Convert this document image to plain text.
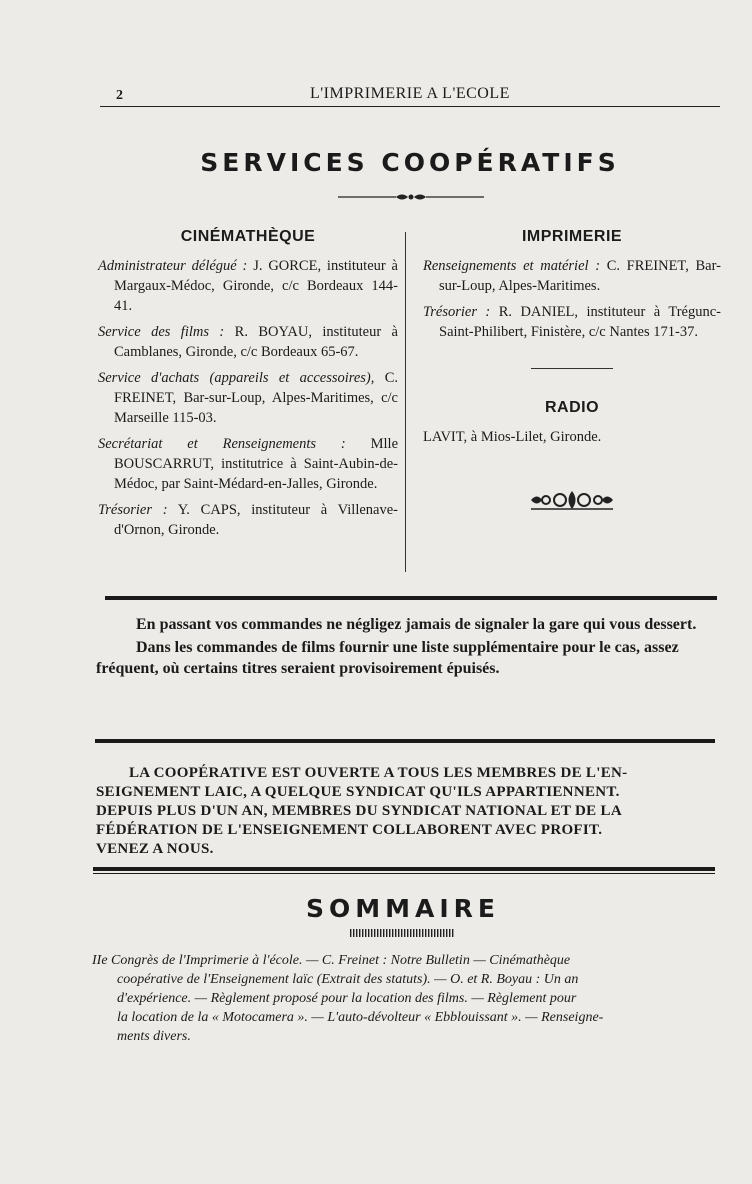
2	L'IMPRIMERIE A L'ECOLE
SERVICES COOPÉRATIFS
CINÉMATHÈQUE
Administrateur délégué : J. GORCE, instituteur à Margaux-Médoc, Gironde, c/c Bordeaux 144-41.
Service des films : R. BOYAU, instituteur à Camblanes, Gironde, c/c Bordeaux 65-67.
Service d'achats (appareils et accessoires), C. FREINET, Bar-sur-Loup, Alpes-Maritimes, c/c Marseille 115-03.
Secrétariat et Renseignements : Mlle BOUSCARRUT, institutrice à Saint-Aubin-de-Médoc, par Saint-Médard-en-Jalles, Gironde.
Trésorier : Y. CAPS, instituteur à Villenave-d'Ornon, Gironde.
IMPRIMERIE
Renseignements et matériel : C. FREINET, Bar-sur-Loup, Alpes-Maritimes.
Trésorier : R. DANIEL, instituteur à Trégunc-Saint-Philibert, Finistère, c/c Nantes 171-37.
RADIO
LAVIT, à Mios-Lilet, Gironde.

En passant vos commandes ne négligez jamais de signaler la gare qui vous dessert.

Dans les commandes de films fournir une liste supplémentaire pour le cas, assez fréquent, où certains titres seraient provisoirement épuisés.

LA COOPÉRATIVE EST OUVERTE A TOUS LES MEMBRES DE L'EN-
SEIGNEMENT LAIC, A QUELQUE SYNDICAT QU'ILS APPARTIENNENT.
DEPUIS PLUS D'UN AN, MEMBRES DU SYNDICAT NATIONAL ET DE LA
FÉDÉRATION DE L'ENSEIGNEMENT COLLABORENT AVEC PROFIT.
VENEZ A NOUS.
SOMMAIRE
IIe Congrès de l'Imprimerie à l'école. — C. Freinet : Notre Bulletin — Cinémathèque
coopérative de l'Enseignement laïc (Extrait des statuts). — O. et R. Boyau : Un an
d'expérience. — Règlement proposé pour la location des films. — Règlement pour
la location de la « Motocamera ». — L'auto-dévolteur « Ebblouissant ». — Renseigne-
ments divers.
